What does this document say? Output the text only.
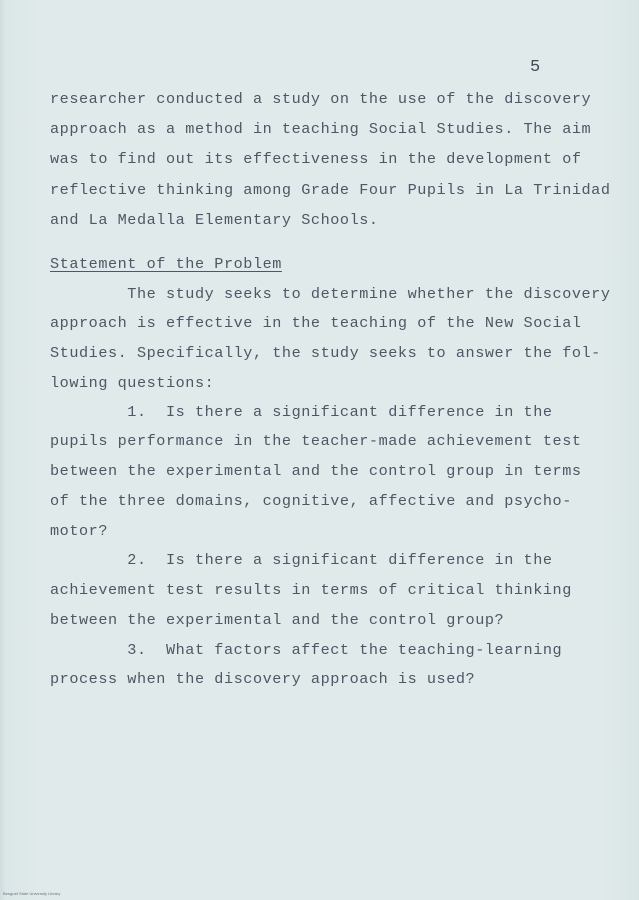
5
researcher conducted a study on the use of the discovery
approach as a method in teaching Social Studies. The aim
was to find out its effectiveness in the development of
reflective thinking among Grade Four Pupils in La Trinidad
and La Medalla Elementary Schools.
Statement of the Problem
The study seeks to determine whether the discovery
approach is effective in the teaching of the New Social
Studies. Specifically, the study seeks to answer the fol-
lowing questions:
1.  Is there a significant difference in the
pupils performance in the teacher-made achievement test
between the experimental and the control group in terms
of the three domains, cognitive, affective and psycho-
motor?
2.  Is there a significant difference in the
achievement test results in terms of critical thinking
between the experimental and the control group?
3.  What factors affect the teaching-learning
process when the discovery approach is used?
Benguet State University Library
